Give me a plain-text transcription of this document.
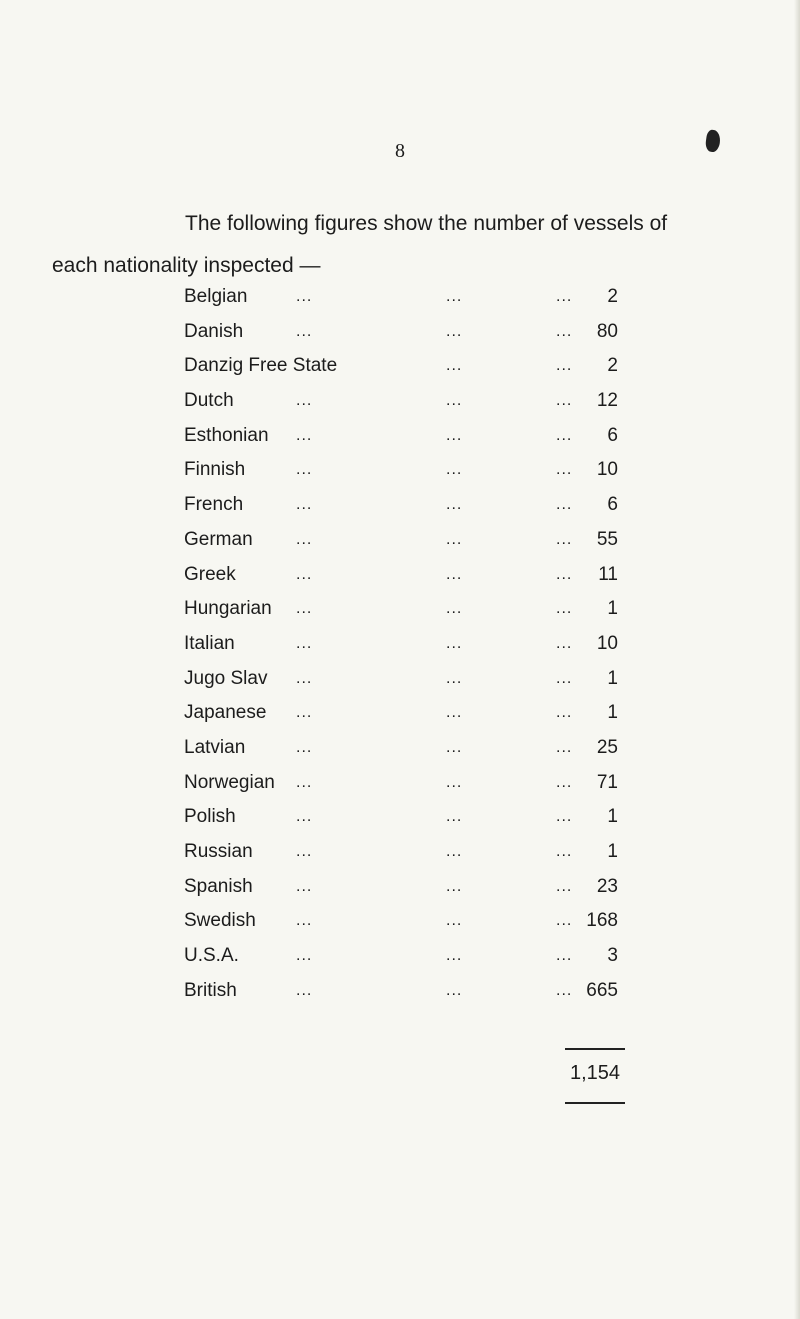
8
The following figures show the number of vessels of
each nationality inspected —
Belgian	...	...	... 2
Danish	...	...	... 80
Danzig Free State	...	... 2
Dutch	...	...	... 12
Esthonian ...	...	... 6
Finnish	...	...	... 10
French	...	...	... 6
German	...	...	... 55
Greek	...	...	... 11
Hungarian ...	...	... 1
Italian	...	...	... 10
Jugo Slav ...	...	... 1
Japanese ...	...	... 1
Latvian	...	...	... 25
Norwegian ...	...	... 71
Polish	...	...	... 1
Russian	...	...	... 1
Spanish	...	...	... 23
Swedish	...	...	... 168
U.S.A.	...	...	... 3
British	...	...	... 665
1,154
